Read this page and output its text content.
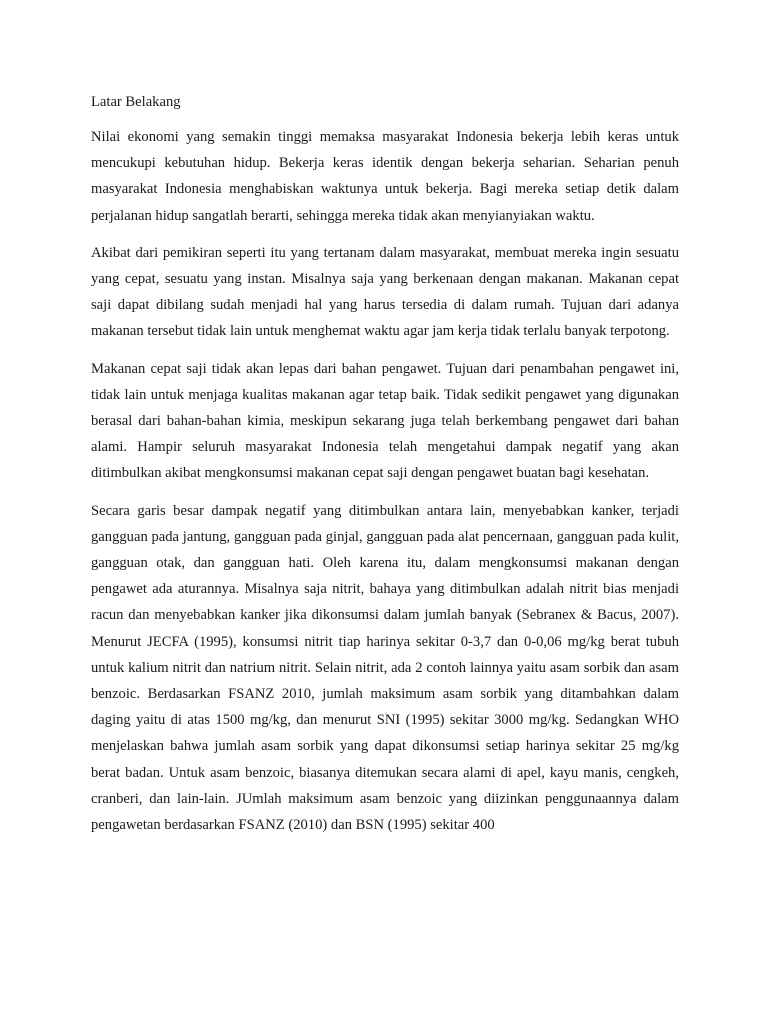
Latar Belakang

Nilai ekonomi yang semakin tinggi memaksa masyarakat Indonesia bekerja lebih keras untuk mencukupi kebutuhan hidup. Bekerja keras identik dengan bekerja seharian. Seharian penuh masyarakat Indonesia menghabiskan waktunya untuk bekerja. Bagi mereka setiap detik dalam perjalanan hidup sangatlah berarti, sehingga mereka tidak akan menyianyiakan waktu.

Akibat dari pemikiran seperti itu yang tertanam dalam masyarakat, membuat mereka ingin sesuatu yang cepat, sesuatu yang instan. Misalnya saja yang berkenaan dengan makanan. Makanan cepat saji dapat dibilang sudah menjadi hal yang harus tersedia di dalam rumah. Tujuan dari adanya makanan tersebut tidak lain untuk menghemat waktu agar jam kerja tidak terlalu banyak terpotong.

Makanan cepat saji tidak akan lepas dari bahan pengawet. Tujuan dari penambahan pengawet ini, tidak lain untuk menjaga kualitas makanan agar tetap baik. Tidak sedikit pengawet yang digunakan berasal dari bahan-bahan kimia, meskipun sekarang juga telah berkembang pengawet dari bahan alami. Hampir seluruh masyarakat Indonesia telah mengetahui dampak negatif yang akan ditimbulkan akibat mengkonsumsi makanan cepat saji dengan pengawet buatan bagi kesehatan.

Secara garis besar dampak negatif yang ditimbulkan antara lain, menyebabkan kanker, terjadi gangguan pada jantung, gangguan pada ginjal, gangguan pada alat pencernaan, gangguan pada kulit, gangguan otak, dan gangguan hati. Oleh karena itu, dalam mengkonsumsi makanan dengan pengawet ada aturannya. Misalnya saja nitrit, bahaya yang ditimbulkan adalah nitrit bias menjadi racun dan menyebabkan kanker jika dikonsumsi dalam jumlah banyak (Sebranex & Bacus, 2007). Menurut JECFA (1995), konsumsi nitrit tiap harinya sekitar 0-3,7 dan 0-0,06 mg/kg berat tubuh untuk kalium nitrit dan natrium nitrit. Selain nitrit, ada 2 contoh lainnya yaitu asam sorbik dan asam benzoic. Berdasarkan FSANZ 2010, jumlah maksimum asam sorbik yang ditambahkan dalam daging yaitu di atas 1500 mg/kg, dan menurut SNI (1995) sekitar 3000 mg/kg. Sedangkan WHO menjelaskan bahwa jumlah asam sorbik yang dapat dikonsumsi setiap harinya sekitar 25 mg/kg berat badan. Untuk asam benzoic, biasanya ditemukan secara alami di apel, kayu manis, cengkeh, cranberi, dan lain-lain. JUmlah maksimum asam benzoic yang diizinkan penggunaannya dalam pengawetan berdasarkan FSANZ (2010) dan BSN (1995) sekitar 400
